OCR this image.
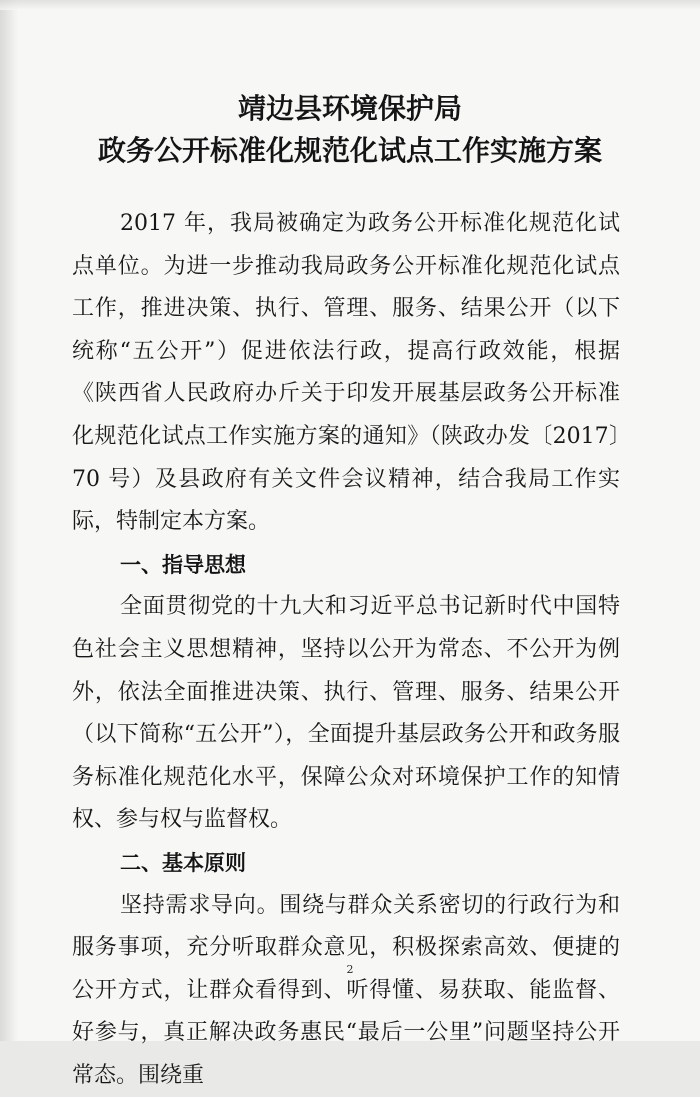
靖边县环境保护局
政务公开标准化规范化试点工作实施方案

2017 年，我局被确定为政务公开标准化规范化试点单位。为进一步推动我局政务公开标准化规范化试点工作，推进决策、执行、管理、服务、结果公开（以下统称“五公开”）促进依法行政，提高行政效能，根据《陕西省人民政府办斤关于印发开展基层政务公开标准化规范化试点工作实施方案的通知》（陕政办发〔2017〕70 号）及县政府有关文件会议精神，结合我局工作实际，特制定本方案。

一、指导思想

全面贯彻党的十九大和习近平总书记新时代中国特色社会主义思想精神，坚持以公开为常态、不公开为例外，依法全面推进决策、执行、管理、服务、结果公开（以下简称“五公开”），全面提升基层政务公开和政务服务标准化规范化水平，保障公众对环境保护工作的知情权、参与权与监督权。

二、基本原则

坚持需求导向。围绕与群众关系密切的行政行为和服务事项，充分听取群众意见，积极探索高效、便捷的公开方式，让群众看得到、听得懂、易获取、能监督、好参与，真正解决政务惠民“最后一公里”问题坚持公开常态。围绕重

2
